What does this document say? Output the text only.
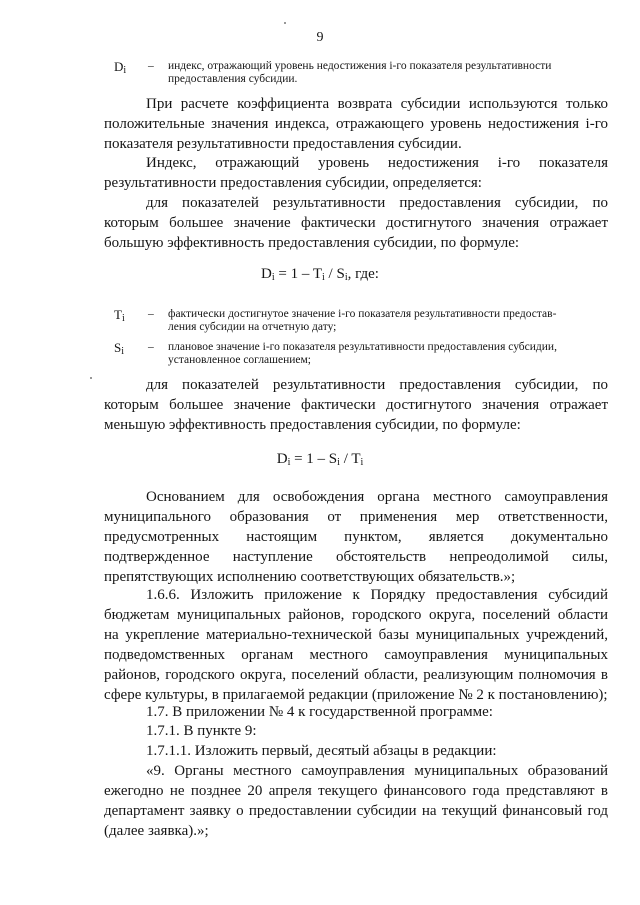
9
$D_i$ – индекс, отражающий уровень недостижения i-го показателя результативности
предоставления субсидии.
При расчете коэффициента возврата субсидии используются только
положительные значения индекса, отражающего уровень недостижения i-го
показателя результативности предоставления субсидии.
Индекс, отражающий уровень недостижения i-го показателя
результативности предоставления субсидии, определяется:
для показателей результативности предоставления субсидии, по
которым большее значение фактически достигнутого значения отражает
большую эффективность предоставления субсидии, по формуле:
$D_i = 1 - T_i / S_i$, где:
$T_i$ – фактически достигнутое значение i-го показателя результативности предостав-
ления субсидии на отчетную дату;
$S_i$ – плановое значение i-го показателя результативности предоставления субсидии,
установленное соглашением;
для показателей результативности предоставления субсидии, по
которым большее значение фактически достигнутого значения отражает
меньшую эффективность предоставления субсидии, по формуле:
$D_i = 1 - S_i / T_i$
Основанием для освобождения органа местного самоуправления
муниципального образования от применения мер ответственности,
предусмотренных настоящим пунктом, является документально
подтвержденное наступление обстоятельств непреодолимой силы,
препятствующих исполнению соответствующих обязательств.»;
1.6.6. Изложить приложение к Порядку предоставления субсидий
бюджетам муниципальных районов, городского округа, поселений области
на укрепление материально-технической базы муниципальных учреждений,
подведомственных органам местного самоуправления муниципальных
районов, городского округа, поселений области, реализующим полномочия в
сфере культуры, в прилагаемой редакции (приложение № 2 к постановлению);
1.7. В приложении № 4 к государственной программе:
1.7.1. В пункте 9:
1.7.1.1. Изложить первый, десятый абзацы в редакции:
«9. Органы местного самоуправления муниципальных образований
ежегодно не позднее 20 апреля текущего финансового года представляют в
департамент заявку о предоставлении субсидии на текущий финансовый год
(далее заявка).»;
